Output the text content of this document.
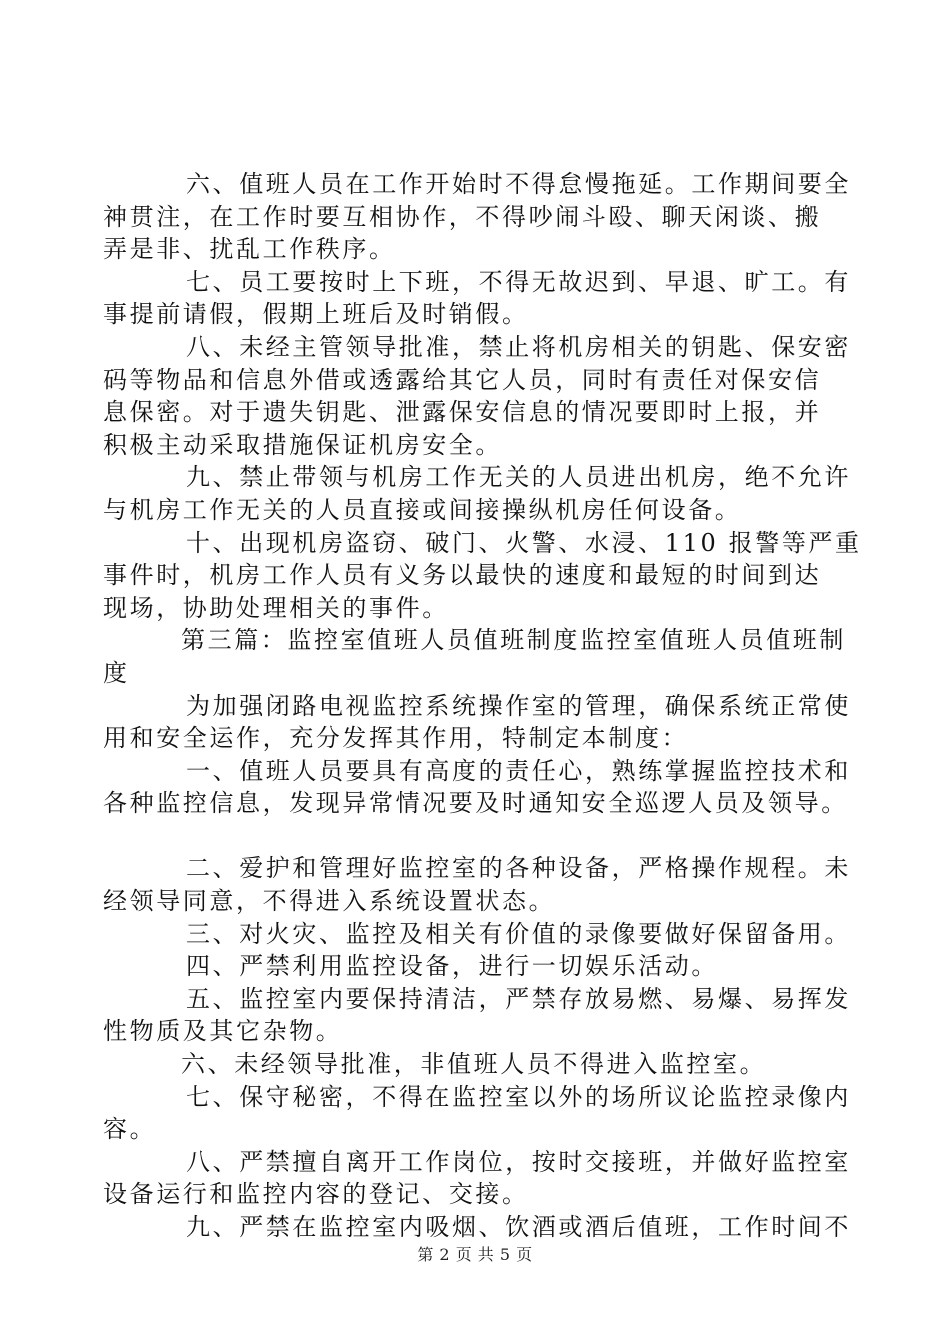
六、值班人员在工作开始时不得怠慢拖延。工作期间要全
神贯注，在工作时要互相协作，不得吵闹斗殴、聊天闲谈、搬
弄是非、扰乱工作秩序。
七、员工要按时上下班，不得无故迟到、早退、旷工。有
事提前请假，假期上班后及时销假。
八、未经主管领导批准，禁止将机房相关的钥匙、保安密
码等物品和信息外借或透露给其它人员，同时有责任对保安信
息保密。对于遗失钥匙、泄露保安信息的情况要即时上报，并
积极主动采取措施保证机房安全。
九、禁止带领与机房工作无关的人员进出机房，绝不允许
与机房工作无关的人员直接或间接操纵机房任何设备。
十、出现机房盗窃、破门、火警、水浸、110 报警等严重
事件时，机房工作人员有义务以最快的速度和最短的时间到达
现场，协助处理相关的事件。
第三篇：监控室值班人员值班制度监控室值班人员值班制
度
为加强闭路电视监控系统操作室的管理，确保系统正常使
用和安全运作，充分发挥其作用，特制定本制度：
一、值班人员要具有高度的责任心，熟练掌握监控技术和
各种监控信息，发现异常情况要及时通知安全巡逻人员及领导。
二、爱护和管理好监控室的各种设备，严格操作规程。未
经领导同意，不得进入系统设置状态。
三、对火灾、监控及相关有价值的录像要做好保留备用。
四、严禁利用监控设备，进行一切娱乐活动。
五、监控室内要保持清洁，严禁存放易燃、易爆、易挥发
性物质及其它杂物。
六、未经领导批准，非值班人员不得进入监控室。
七、保守秘密，不得在监控室以外的场所议论监控录像内
容。
八、严禁擅自离开工作岗位，按时交接班，并做好监控室
设备运行和监控内容的登记、交接。
九、严禁在监控室内吸烟、饮酒或酒后值班，工作时间不
第 2 页 共 5 页
